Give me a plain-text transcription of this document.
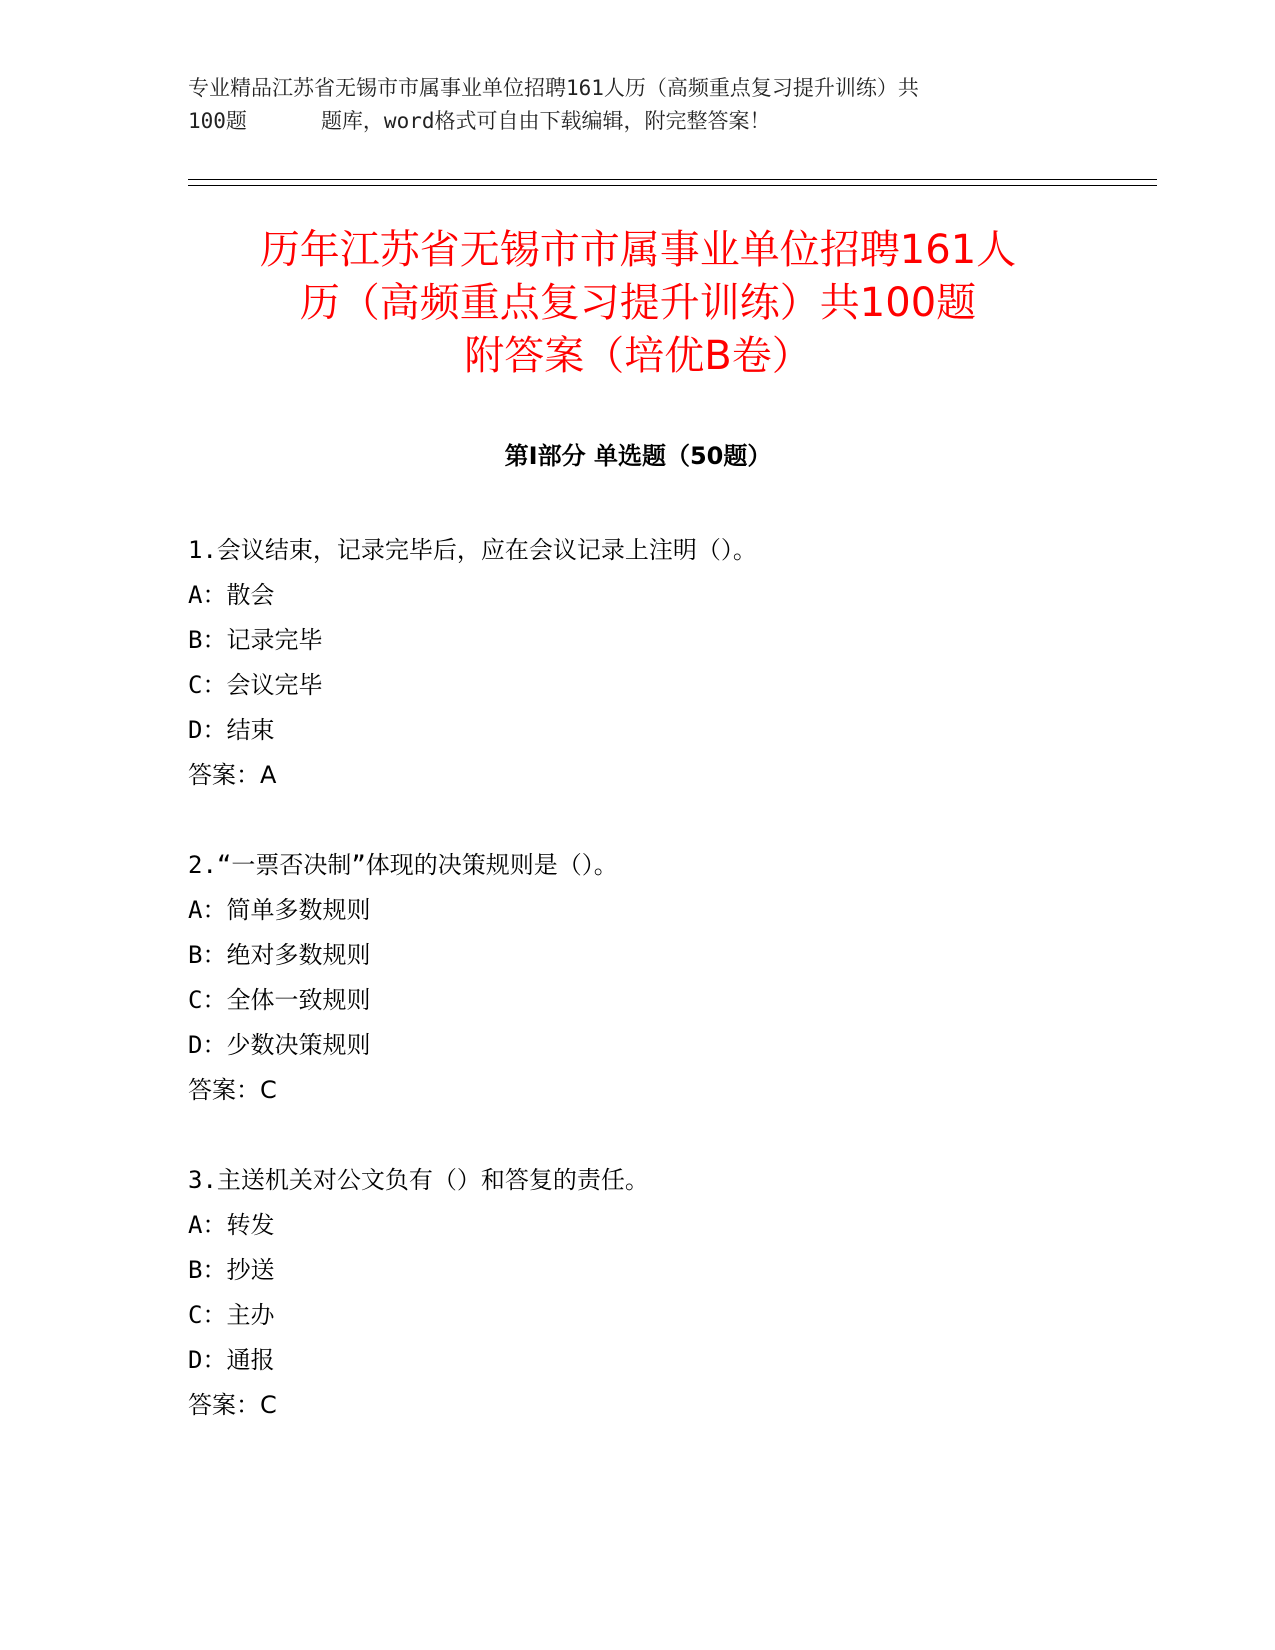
专业精品江苏省无锡市市属事业单位招聘161人历（高频重点复习提升训练）共
100题	题库，word格式可自由下载编辑，附完整答案！
历年江苏省无锡市市属事业单位招聘161人
历（高频重点复习提升训练）共100题
附答案（培优B卷）
第Ⅰ部分 单选题（50题）
1.会议结束，记录完毕后，应在会议记录上注明（）。
A：散会
B：记录完毕
C：会议完毕
D：结束
答案：A
2.“一票否决制”体现的决策规则是（）。
A：简单多数规则
B：绝对多数规则
C：全体一致规则
D：少数决策规则
答案：C
3.主送机关对公文负有（）和答复的责任。
A：转发
B：抄送
C：主办
D：通报
答案：C
